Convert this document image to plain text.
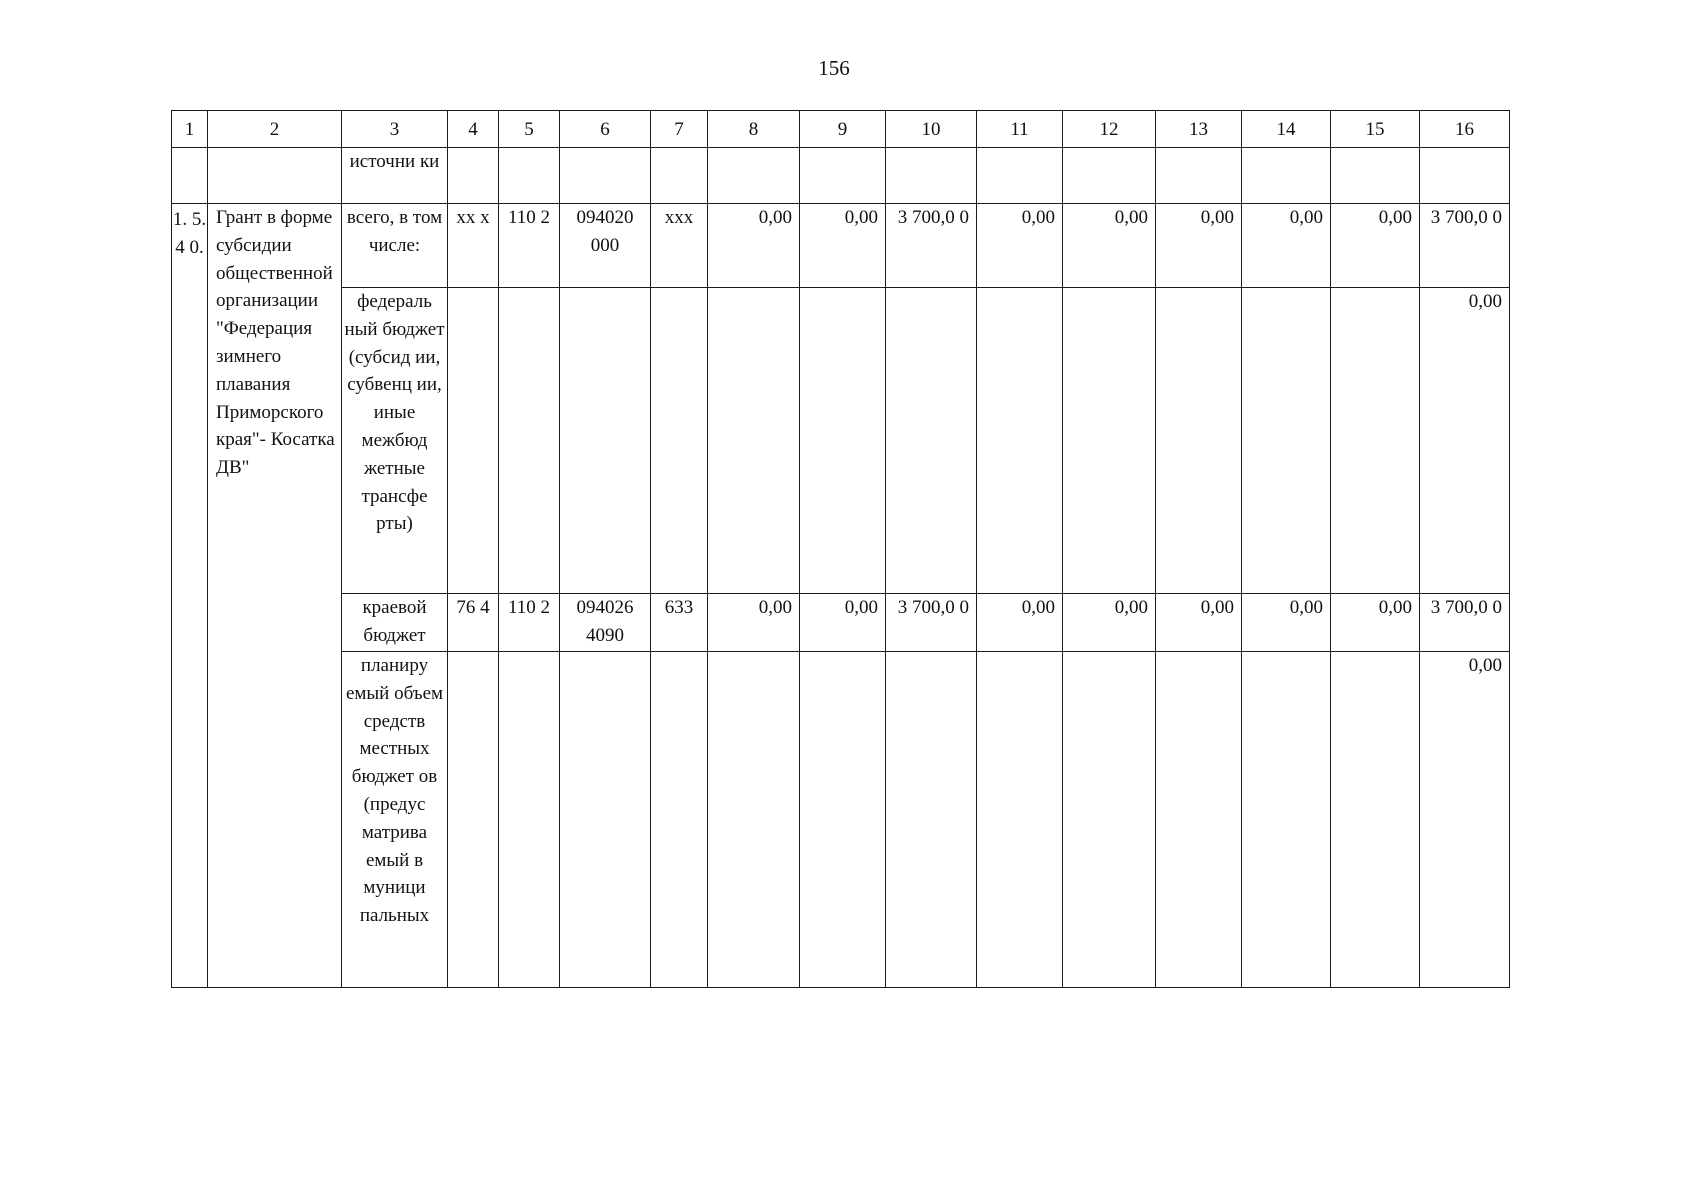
156
1	2	3	4	5	6	7	8	9	10	11	12	13	14	15	16
		источни ки													
1. 5. 4 0.	Грант в форме субсидии общественной организации "Федерация зимнего плавания Приморского края"- Косатка ДВ"	всего, в том числе:	xx x	110 2	094020 000	xxx	0,00	0,00	3 700,0 0	0,00	0,00	0,00	0,00	0,00	3 700,0 0
		федераль ный бюджет (субсид ии, субвенц ии, иные межбюд жетные трансфе рты)													0,00
		краевой бюджет	76 4	110 2	094026 4090	633	0,00	0,00	3 700,0 0	0,00	0,00	0,00	0,00	0,00	3 700,0 0
		планиру емый объем средств местных бюджет ов (предус матрива емый в муници пальных													0,00
